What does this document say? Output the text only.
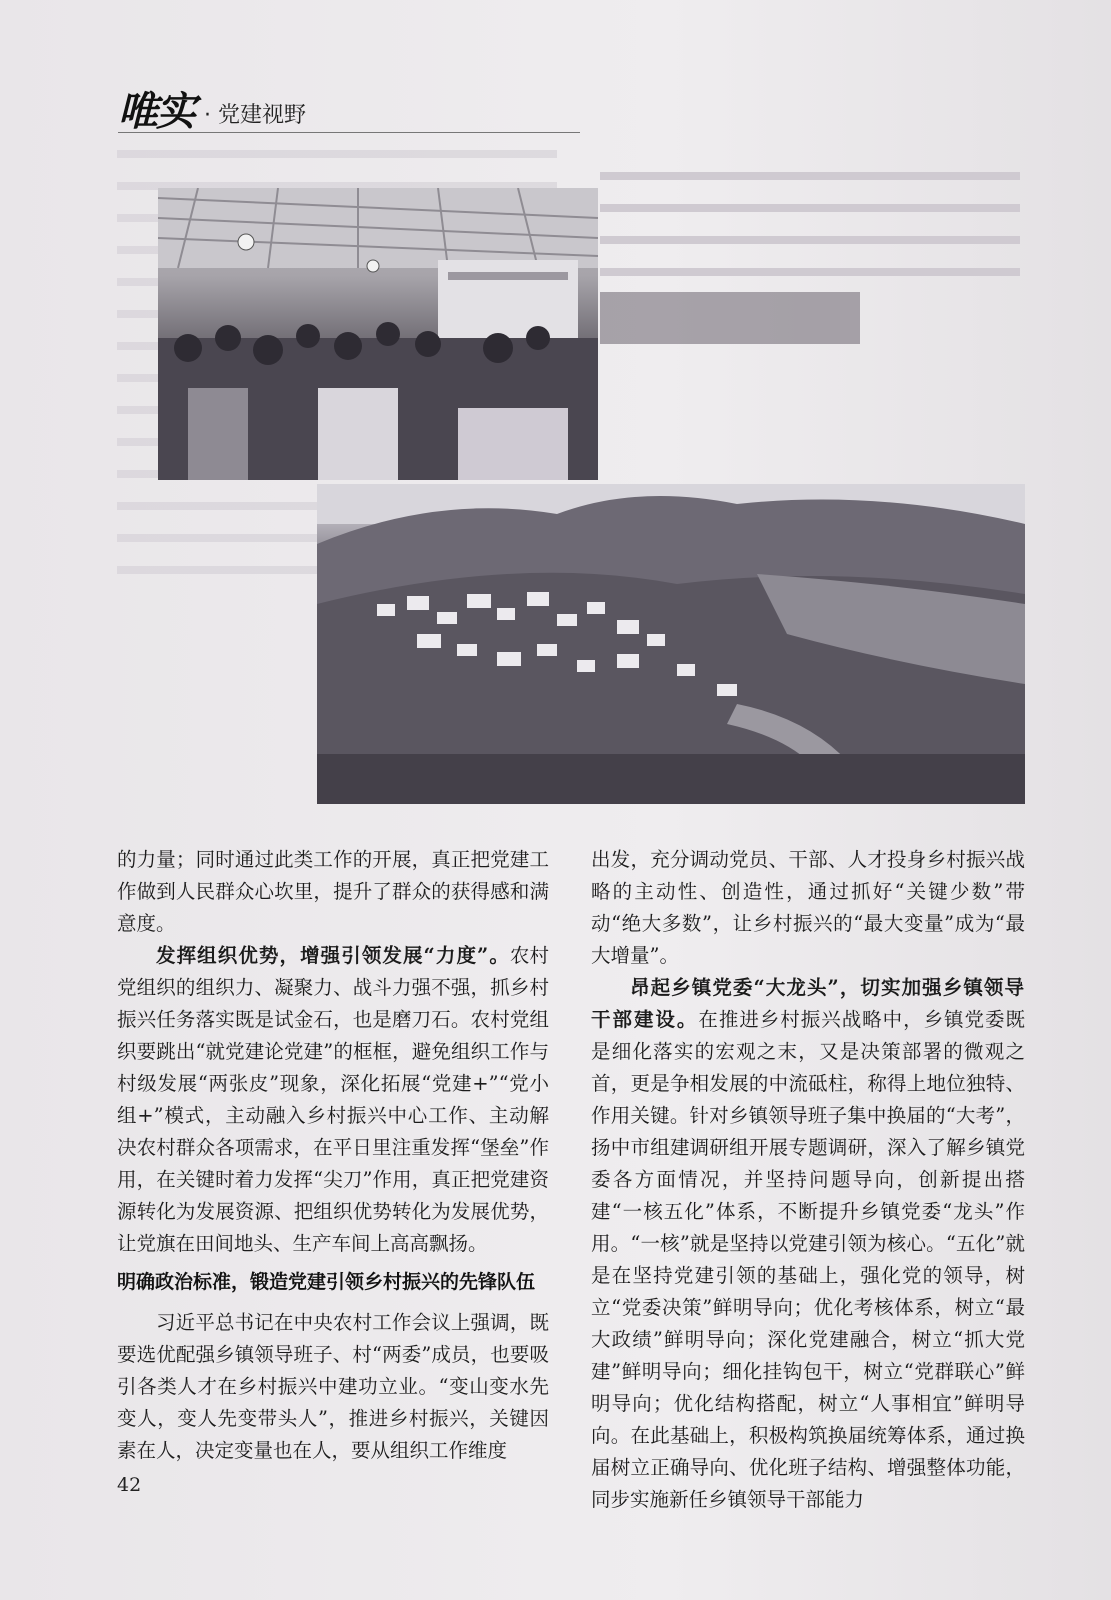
唯实 · 党建视野

的力量；同时通过此类工作的开展，真正把党建工作做到人民群众心坎里，提升了群众的获得感和满意度。

发挥组织优势，增强引领发展“力度”。农村党组织的组织力、凝聚力、战斗力强不强，抓乡村振兴任务落实既是试金石，也是磨刀石。农村党组织要跳出“就党建论党建”的框框，避免组织工作与村级发展“两张皮”现象，深化拓展“党建+”“党小组+”模式，主动融入乡村振兴中心工作、主动解决农村群众各项需求，在平日里注重发挥“堡垒”作用，在关键时着力发挥“尖刀”作用，真正把党建资源转化为发展资源、把组织优势转化为发展优势，让党旗在田间地头、生产车间上高高飘扬。

明确政治标准，锻造党建引领乡村振兴的先锋队伍

习近平总书记在中央农村工作会议上强调，既要选优配强乡镇领导班子、村“两委”成员，也要吸引各类人才在乡村振兴中建功立业。“变山变水先变人，变人先变带头人”，推进乡村振兴，关键因素在人，决定变量也在人，要从组织工作维度

出发，充分调动党员、干部、人才投身乡村振兴战略的主动性、创造性，通过抓好“关键少数”带动“绝大多数”，让乡村振兴的“最大变量”成为“最大增量”。

昂起乡镇党委“大龙头”，切实加强乡镇领导干部建设。在推进乡村振兴战略中，乡镇党委既是细化落实的宏观之末，又是决策部署的微观之首，更是争相发展的中流砥柱，称得上地位独特、作用关键。针对乡镇领导班子集中换届的“大考”，扬中市组建调研组开展专题调研，深入了解乡镇党委各方面情况，并坚持问题导向，创新提出搭建“一核五化”体系，不断提升乡镇党委“龙头”作用。“一核”就是坚持以党建引领为核心。“五化”就是在坚持党建引领的基础上，强化党的领导，树立“党委决策”鲜明导向；优化考核体系，树立“最大政绩”鲜明导向；深化党建融合，树立“抓大党建”鲜明导向；细化挂钩包干，树立“党群联心”鲜明导向；优化结构搭配，树立“人事相宜”鲜明导向。在此基础上，积极构筑换届统筹体系，通过换届树立正确导向、优化班子结构、增强整体功能，同步实施新任乡镇领导干部能力

42
